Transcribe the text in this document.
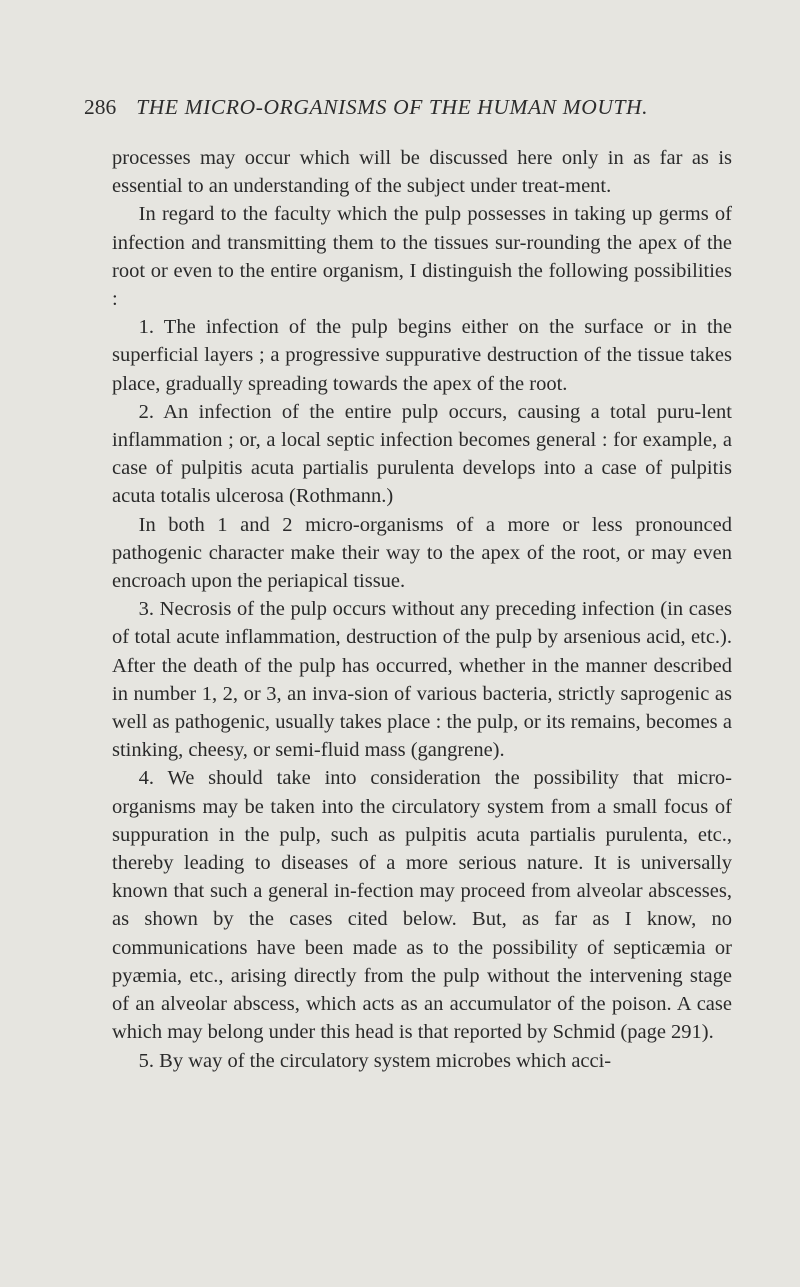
286 THE MICRO-ORGANISMS OF THE HUMAN MOUTH.

processes may occur which will be discussed here only in as far as is essential to an understanding of the subject under treat-ment.

In regard to the faculty which the pulp possesses in taking up germs of infection and transmitting them to the tissues sur-rounding the apex of the root or even to the entire organism, I distinguish the following possibilities :

1. The infection of the pulp begins either on the surface or in the superficial layers ; a progressive suppurative destruction of the tissue takes place, gradually spreading towards the apex of the root.

2. An infection of the entire pulp occurs, causing a total puru-lent inflammation ; or, a local septic infection becomes general : for example, a case of pulpitis acuta partialis purulenta develops into a case of pulpitis acuta totalis ulcerosa (Rothmann.)

In both 1 and 2 micro-organisms of a more or less pronounced pathogenic character make their way to the apex of the root, or may even encroach upon the periapical tissue.

3. Necrosis of the pulp occurs without any preceding infection (in cases of total acute inflammation, destruction of the pulp by arsenious acid, etc.). After the death of the pulp has occurred, whether in the manner described in number 1, 2, or 3, an inva-sion of various bacteria, strictly saprogenic as well as pathogenic, usually takes place : the pulp, or its remains, becomes a stinking, cheesy, or semi-fluid mass (gangrene).

4. We should take into consideration the possibility that micro-organisms may be taken into the circulatory system from a small focus of suppuration in the pulp, such as pulpitis acuta partialis purulenta, etc., thereby leading to diseases of a more serious nature. It is universally known that such a general in-fection may proceed from alveolar abscesses, as shown by the cases cited below. But, as far as I know, no communications have been made as to the possibility of septicæmia or pyæmia, etc., arising directly from the pulp without the intervening stage of an alveolar abscess, which acts as an accumulator of the poison. A case which may belong under this head is that reported by Schmid (page 291).

5. By way of the circulatory system microbes which acci-
